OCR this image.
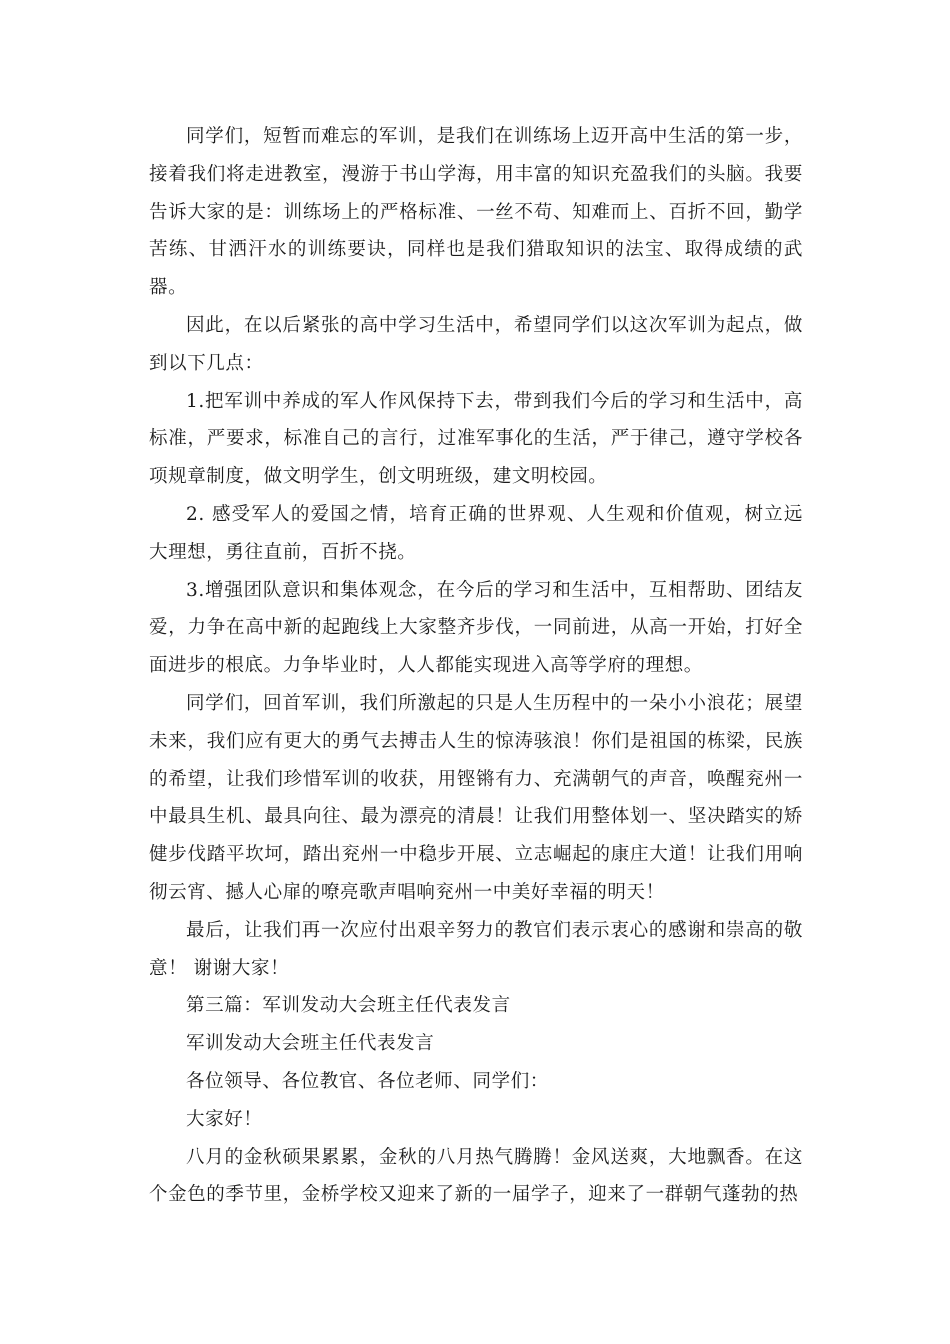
同学们，短暂而难忘的军训，是我们在训练场上迈开高中生活的第一步，接着我们将走进教室，漫游于书山学海，用丰富的知识充盈我们的头脑。我要告诉大家的是：训练场上的严格标准、一丝不苟、知难而上、百折不回，勤学苦练、甘洒汗水的训练要诀，同样也是我们猎取知识的法宝、取得成绩的武器。

因此，在以后紧张的高中学习生活中，希望同学们以这次军训为起点，做到以下几点：

1.把军训中养成的军人作风保持下去，带到我们今后的学习和生活中，高标准，严要求，标准自己的言行，过准军事化的生活，严于律己，遵守学校各项规章制度，做文明学生，创文明班级，建文明校园。

2. 感受军人的爱国之情，培育正确的世界观、人生观和价值观，树立远大理想，勇往直前，百折不挠。

3.增强团队意识和集体观念，在今后的学习和生活中，互相帮助、团结友爱，力争在高中新的起跑线上大家整齐步伐，一同前进，从高一开始，打好全面进步的根底。力争毕业时，人人都能实现进入高等学府的理想。

同学们，回首军训，我们所激起的只是人生历程中的一朵小小浪花；展望未来，我们应有更大的勇气去搏击人生的惊涛骇浪！你们是祖国的栋梁，民族的希望，让我们珍惜军训的收获，用铿锵有力、充满朝气的声音，唤醒兖州一中最具生机、最具向往、最为漂亮的清晨！让我们用整体划一、坚决踏实的矫健步伐踏平坎坷，踏出兖州一中稳步开展、立志崛起的康庄大道！让我们用响彻云宵、撼人心扉的嘹亮歌声唱响兖州一中美好幸福的明天！

最后，让我们再一次应付出艰辛努力的教官们表示衷心的感谢和崇高的敬意！ 谢谢大家！

第三篇：军训发动大会班主任代表发言

军训发动大会班主任代表发言

各位领导、各位教官、各位老师、同学们：

大家好！

八月的金秋硕果累累，金秋的八月热气腾腾！金风送爽，大地飘香。在这个金色的季节里，金桥学校又迎来了新的一届学子，迎来了一群朝气蓬勃的热
